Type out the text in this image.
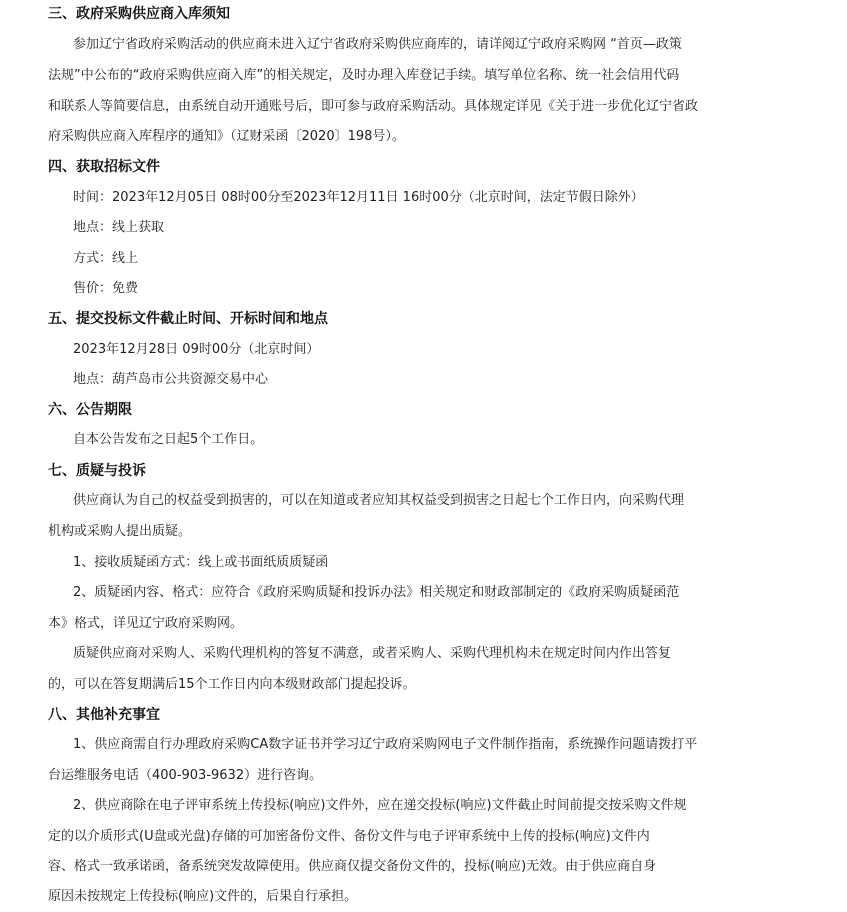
三、政府采购供应商入库须知
参加辽宁省政府采购活动的供应商未进入辽宁省政府采购供应商库的，请详阅辽宁政府采购网 “首页—政策
法规”中公布的“政府采购供应商入库”的相关规定，及时办理入库登记手续。填写单位名称、统一社会信用代码
和联系人等简要信息，由系统自动开通账号后，即可参与政府采购活动。具体规定详见《关于进一步优化辽宁省政
府采购供应商入库程序的通知》（辽财采函〔2020〕198号）。
四、获取招标文件
时间：2023年12月05日 08时00分至2023年12月11日 16时00分（北京时间，法定节假日除外）
地点：线上获取
方式：线上
售价：免费
五、提交投标文件截止时间、开标时间和地点
2023年12月28日 09时00分（北京时间）
地点：葫芦岛市公共资源交易中心
六、公告期限
自本公告发布之日起5个工作日。
七、质疑与投诉
供应商认为自己的权益受到损害的，可以在知道或者应知其权益受到损害之日起七个工作日内，向采购代理
机构或采购人提出质疑。
1、接收质疑函方式：线上或书面纸质质疑函
2、质疑函内容、格式：应符合《政府采购质疑和投诉办法》相关规定和财政部制定的《政府采购质疑函范
本》格式，详见辽宁政府采购网。
质疑供应商对采购人、采购代理机构的答复不满意，或者采购人、采购代理机构未在规定时间内作出答复
的，可以在答复期满后15个工作日内向本级财政部门提起投诉。
八、其他补充事宜
1、供应商需自行办理政府采购CA数字证书并学习辽宁政府采购网电子文件制作指南，系统操作问题请拨打平
台运维服务电话（400-903-9632）进行咨询。
2、供应商除在电子评审系统上传投标(响应)文件外，应在递交投标(响应)文件截止时间前提交按采购文件规
定的以介质形式(U盘或光盘)存储的可加密备份文件、备份文件与电子评审系统中上传的投标(响应)文件内
容、格式一致承诺函，备系统突发故障使用。供应商仅提交备份文件的，投标(响应)无效。由于供应商自身
原因未按规定上传投标(响应)文件的，后果自行承担。
